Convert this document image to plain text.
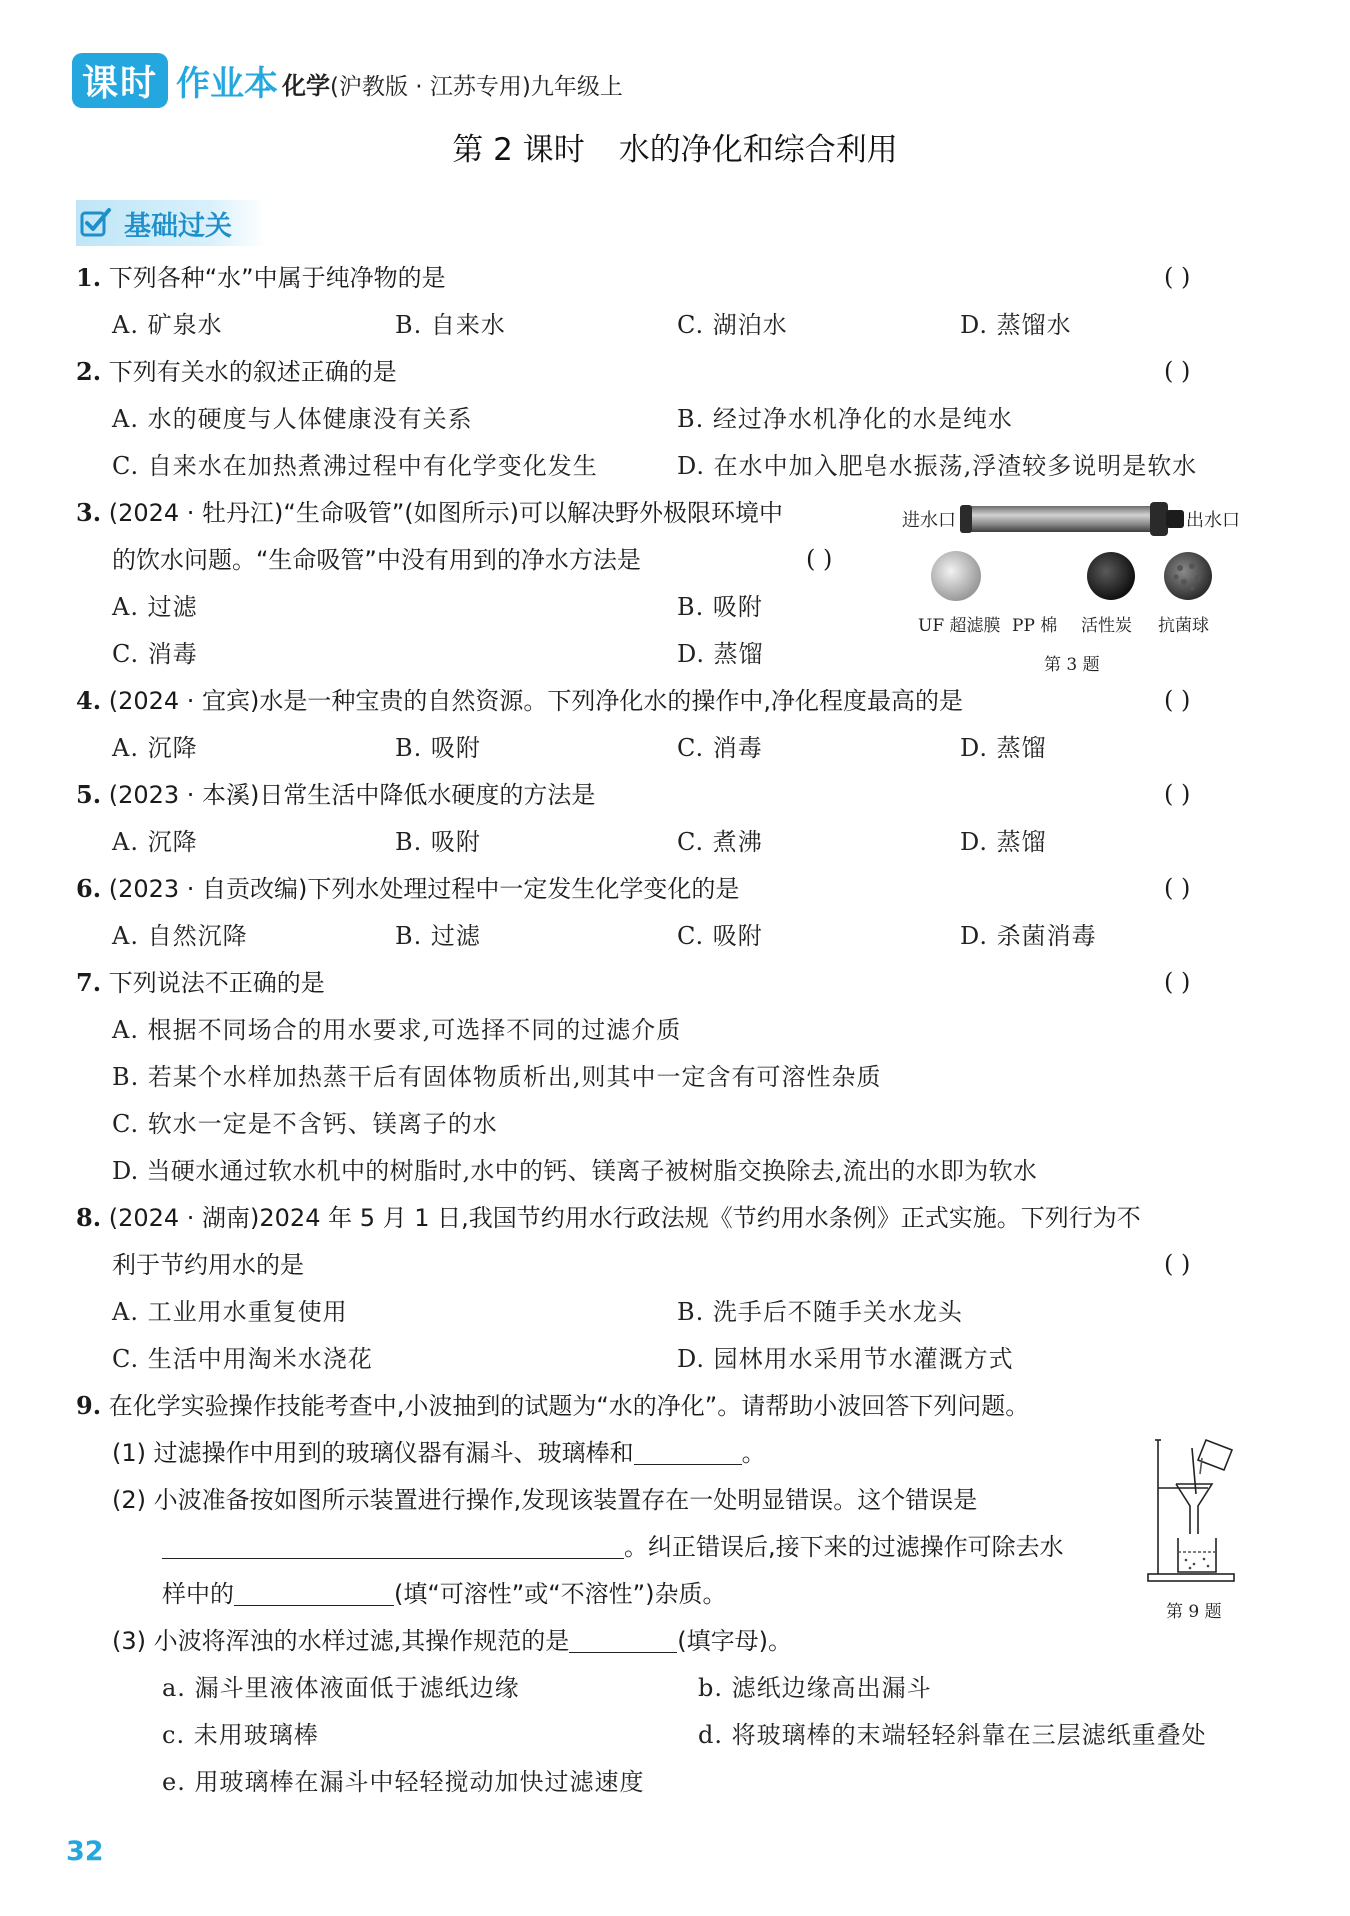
课时 作业本 化学(沪教版 · 江苏专用)九年级上
第 2 课时 水的净化和综合利用
基础过关
1. 下列各种“水”中属于纯净物的是	( )
A. 矿泉水	B. 自来水	C. 湖泊水	D. 蒸馏水
2. 下列有关水的叙述正确的是	( )
A. 水的硬度与人体健康没有关系	B. 经过净水机净化的水是纯水
C. 自来水在加热煮沸过程中有化学变化发生	D. 在水中加入肥皂水振荡,浮渣较多说明是软水
3. (2024 · 牡丹江)“生命吸管”(如图所示)可以解决野外极限环境中
的饮水问题。“生命吸管”中没有用到的净水方法是	( )
A. 过滤	B. 吸附
C. 消毒	D. 蒸馏
进水口	出水口
UF 超滤膜 PP 棉 活性炭 抗菌球
第 3 题
4. (2024 · 宜宾)水是一种宝贵的自然资源。下列净化水的操作中,净化程度最高的是	( )
A. 沉降	B. 吸附	C. 消毒	D. 蒸馏
5. (2023 · 本溪)日常生活中降低水硬度的方法是	( )
A. 沉降	B. 吸附	C. 煮沸	D. 蒸馏
6. (2023 · 自贡改编)下列水处理过程中一定发生化学变化的是	( )
A. 自然沉降	B. 过滤	C. 吸附	D. 杀菌消毒
7. 下列说法不正确的是	( )
A. 根据不同场合的用水要求,可选择不同的过滤介质
B. 若某个水样加热蒸干后有固体物质析出,则其中一定含有可溶性杂质
C. 软水一定是不含钙、镁离子的水
D. 当硬水通过软水机中的树脂时,水中的钙、镁离子被树脂交换除去,流出的水即为软水
8. (2024 · 湖南)2024 年 5 月 1 日,我国节约用水行政法规《节约用水条例》正式实施。下列行为不
利于节约用水的是	( )
A. 工业用水重复使用	B. 洗手后不随手关水龙头
C. 生活中用淘米水浇花	D. 园林用水采用节水灌溉方式
9. 在化学实验操作技能考查中,小波抽到的试题为“水的净化”。请帮助小波回答下列问题。
(1) 过滤操作中用到的玻璃仪器有漏斗、玻璃棒和	。
(2) 小波准备按如图所示装置进行操作,发现该装置存在一处明显错误。这个错误是
。纠正错误后,接下来的过滤操作可除去水
样中的	(填“可溶性”或“不溶性”)杂质。
(3) 小波将浑浊的水样过滤,其操作规范的是	(填字母)。
a. 漏斗里液体液面低于滤纸边缘	b. 滤纸边缘高出漏斗
c. 未用玻璃棒	d. 将玻璃棒的末端轻轻斜靠在三层滤纸重叠处
e. 用玻璃棒在漏斗中轻轻搅动加快过滤速度
第 9 题
32
